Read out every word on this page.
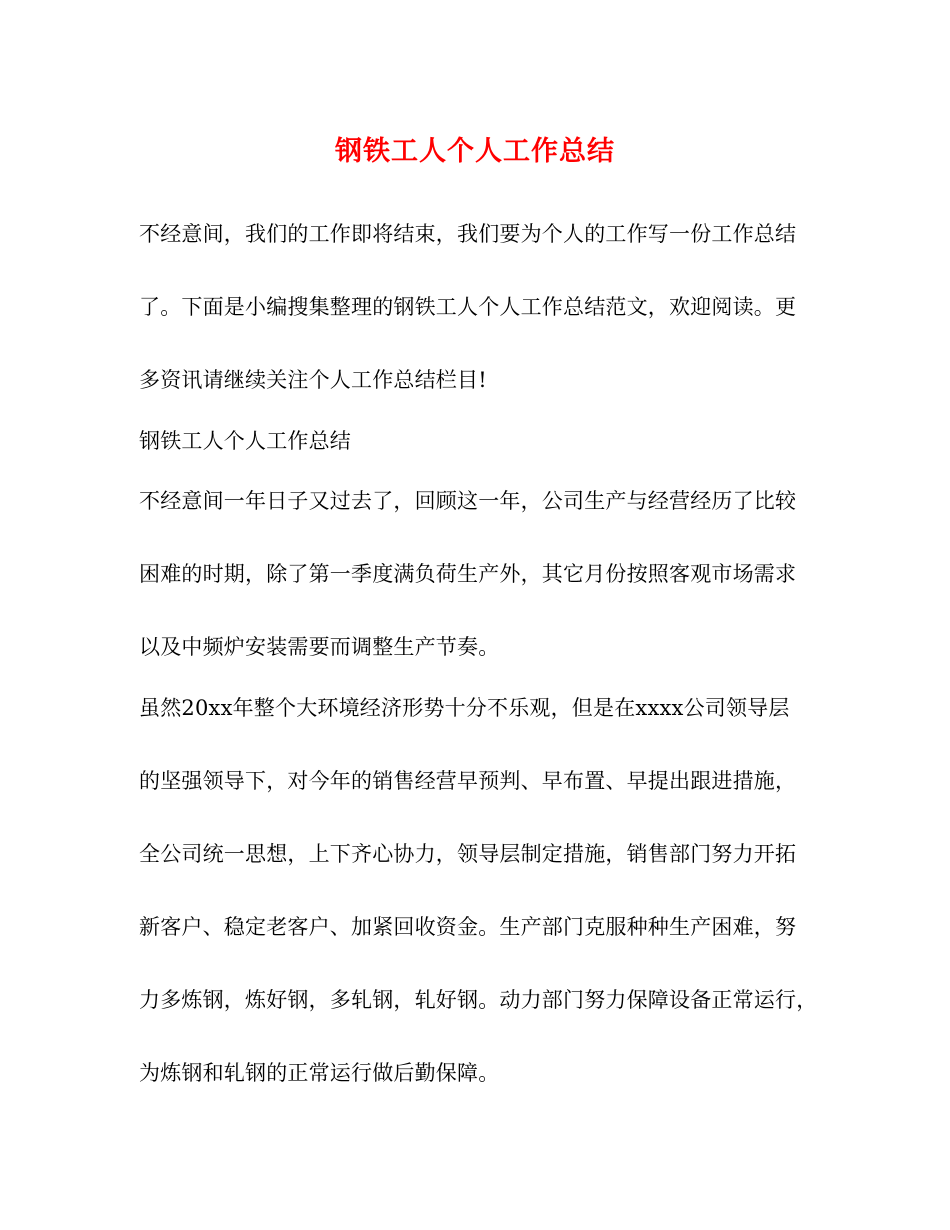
钢铁工人个人工作总结
不经意间，我们的工作即将结束，我们要为个人的工作写一份工作总结
了。下面是小编搜集整理的钢铁工人个人工作总结范文，欢迎阅读。更
多资讯请继续关注个人工作总结栏目!
钢铁工人个人工作总结
不经意间一年日子又过去了，回顾这一年，公司生产与经营经历了比较
困难的时期，除了第一季度满负荷生产外，其它月份按照客观市场需求
以及中频炉安装需要而调整生产节奏。
虽然20xx年整个大环境经济形势十分不乐观，但是在xxxx公司领导层
的坚强领导下，对今年的销售经营早预判、早布置、早提出跟进措施，
全公司统一思想，上下齐心协力，领导层制定措施，销售部门努力开拓
新客户、稳定老客户、加紧回收资金。生产部门克服种种生产困难，努
力多炼钢，炼好钢，多轧钢，轧好钢。动力部门努力保障设备正常运行，
为炼钢和轧钢的正常运行做后勤保障。
